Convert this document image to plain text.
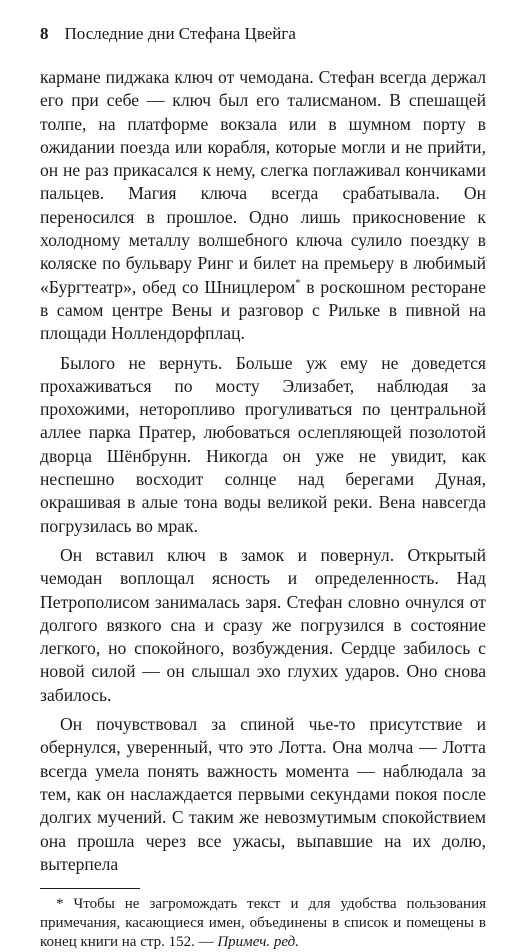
8 Последние дни Стефана Цвейга

кармане пиджака ключ от чемодана. Стефан всегда держал его при себе — ключ был его талисманом. В спешащей толпе, на платформе вокзала или в шумном порту в ожидании поезда или корабля, которые могли и не прийти, он не раз прикасался к нему, слегка поглаживал кончиками пальцев. Магия ключа всегда срабатывала. Он переносился в прошлое. Одно лишь прикосновение к холодному металлу волшебного ключа сулило поездку в коляске по бульвару Ринг и билет на премьеру в любимый «Бургтеатр», обед со Шницлером* в роскошном ресторане в самом центре Вены и разговор с Рильке в пивной на площади Ноллендорфплац.

Былого не вернуть. Больше уж ему не доведется прохаживаться по мосту Элизабет, наблюдая за прохожими, неторопливо прогуливаться по центральной аллее парка Пратер, любоваться ослепляющей позолотой дворца Шёнбрунн. Никогда он уже не увидит, как неспешно восходит солнце над берегами Дуная, окрашивая в алые тона воды великой реки. Вена навсегда погрузилась во мрак.

Он вставил ключ в замок и повернул. Открытый чемодан воплощал ясность и определенность. Над Петрополисом занималась заря. Стефан словно очнулся от долгого вязкого сна и сразу же погрузился в состояние легкого, но спокойного, возбуждения. Сердце забилось с новой силой — он слышал эхо глухих ударов. Оно снова забилось.

Он почувствовал за спиной чье-то присутствие и обернулся, уверенный, что это Лотта. Она молча — Лотта всегда умела понять важность момента — наблюдала за тем, как он наслаждается первыми секундами покоя после долгих мучений. С таким же невозмутимым спокойствием она прошла через все ужасы, выпавшие на их долю, вытерпела

* Чтобы не загромождать текст и для удобства пользования примечания, касающиеся имен, объединены в список и помещены в конец книги на стр. 152. — Примеч. ред.
